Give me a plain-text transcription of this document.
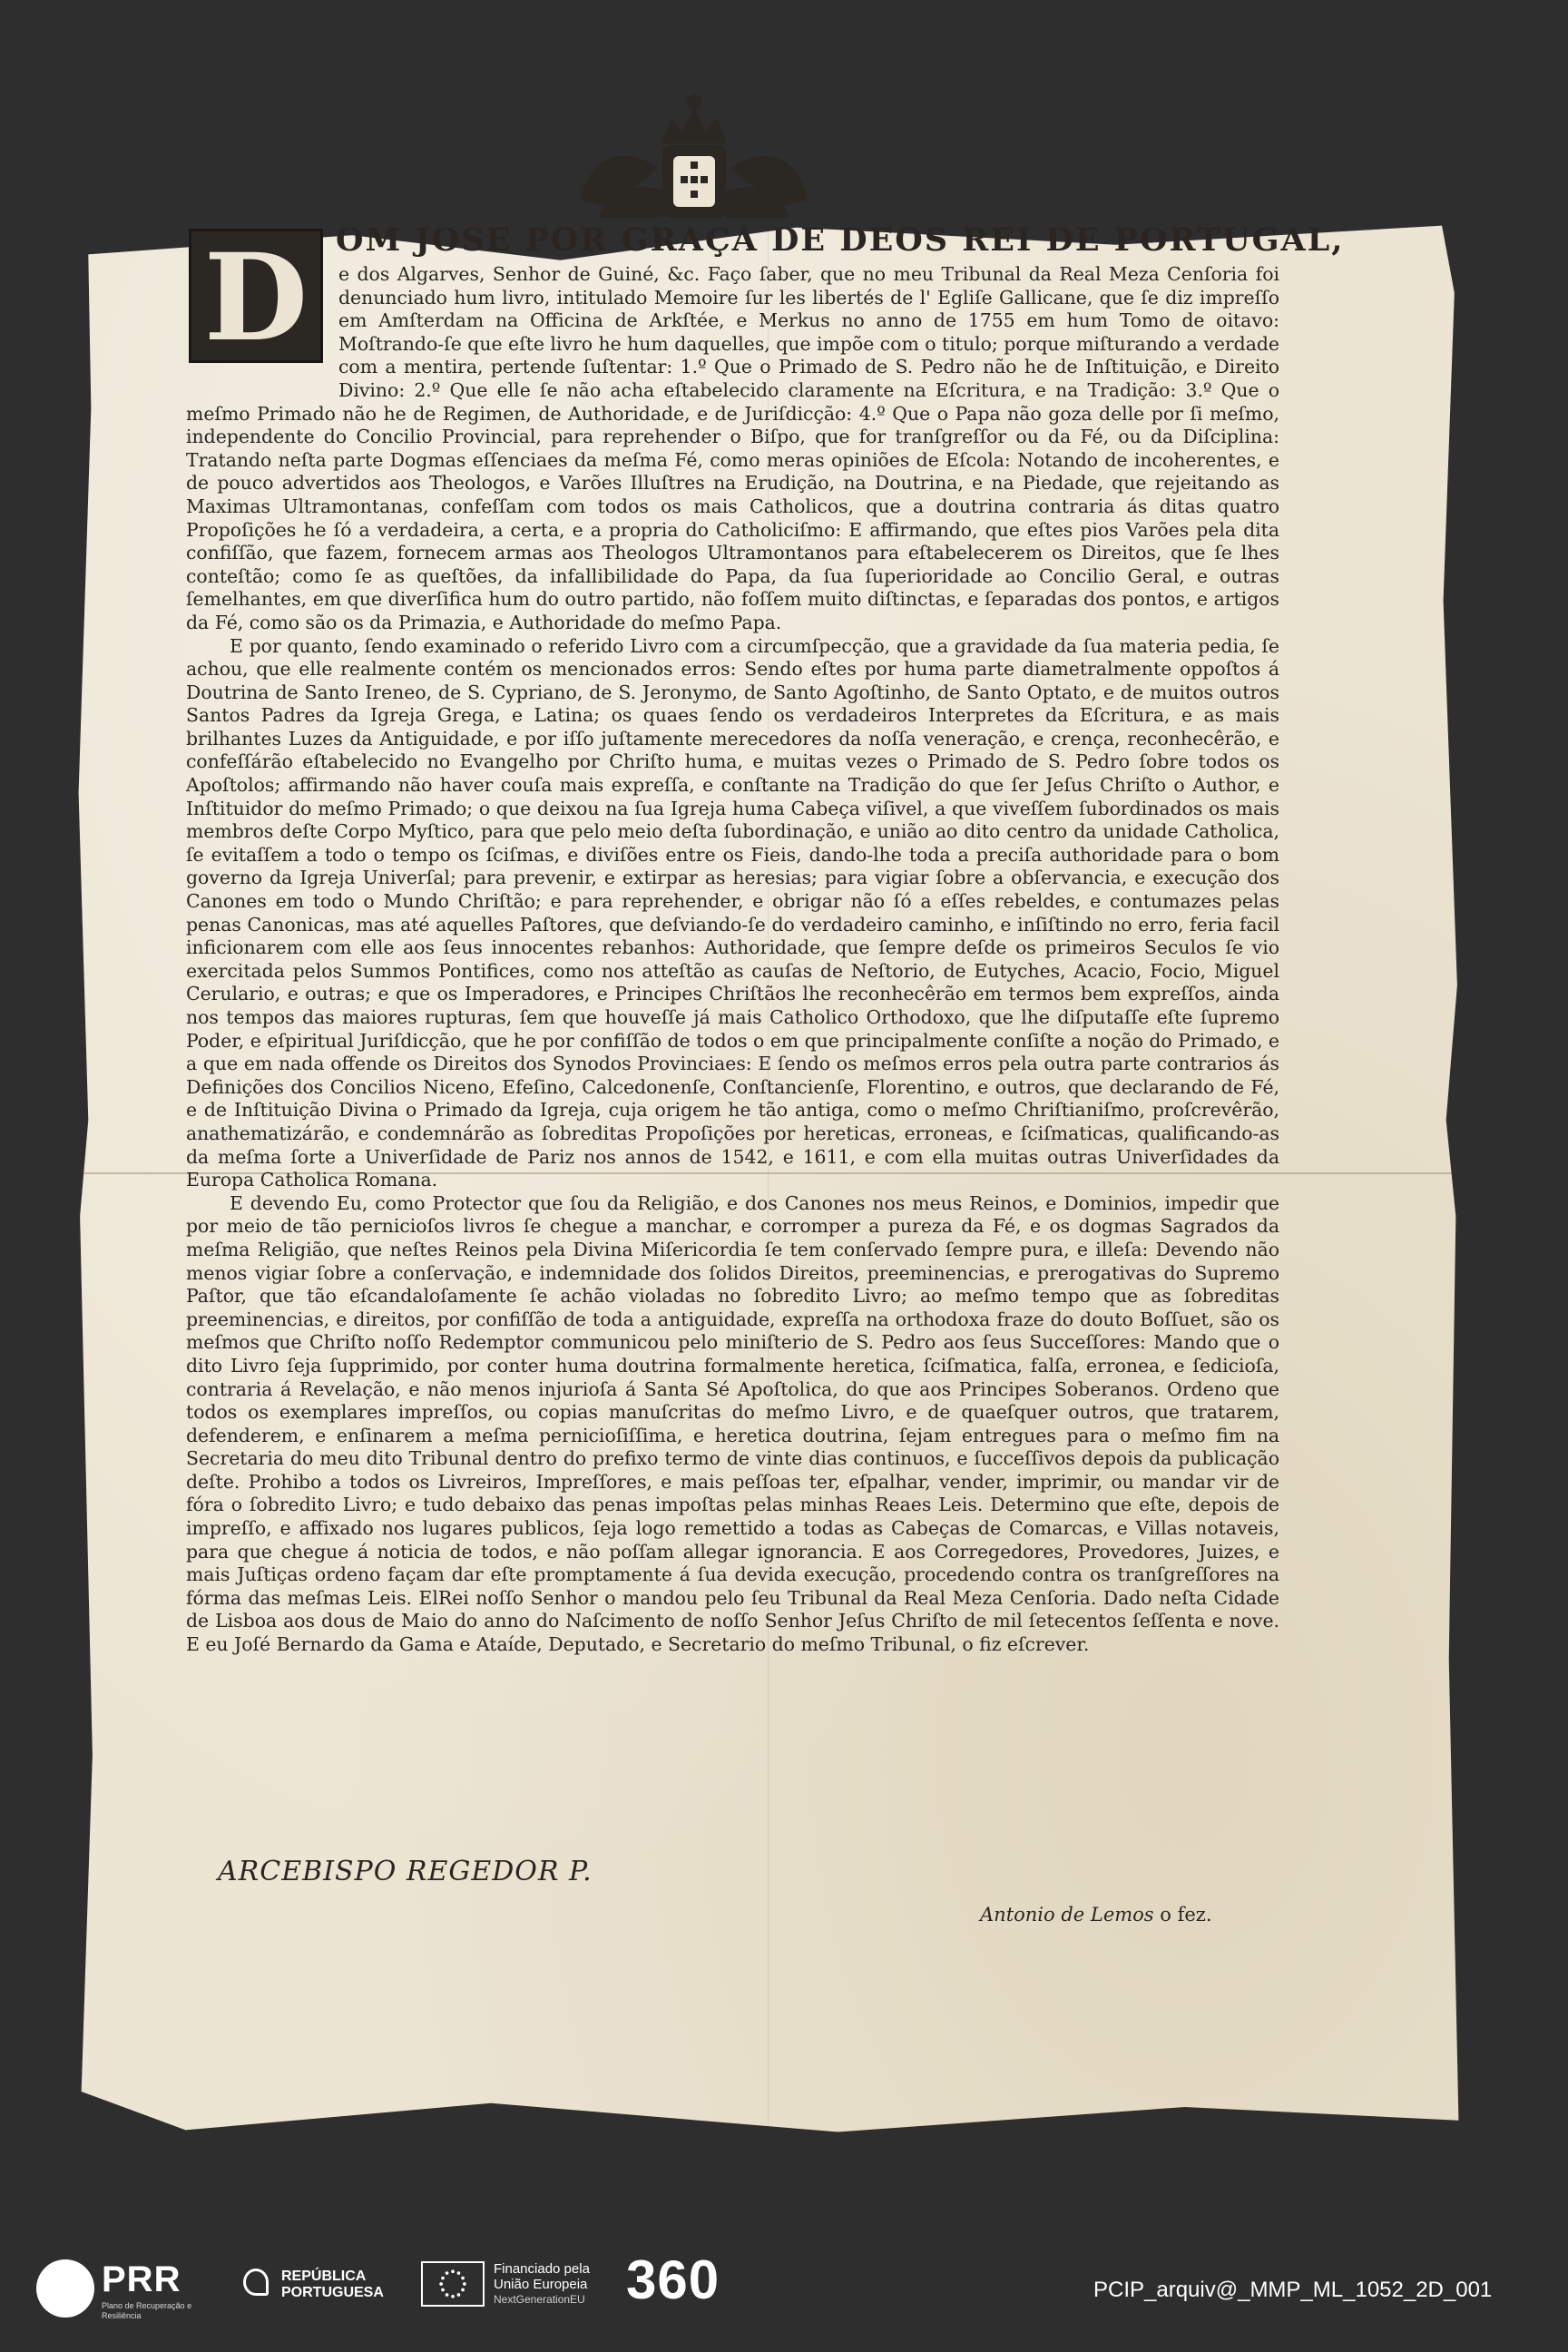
D OM JOSE POR GRAÇA DE DEOS REI DE PORTUGAL,

e dos Algarves, Senhor de Guiné, &c. Faço ſaber, que no meu Tribunal da Real Meza Cenſoria foi denunciado hum livro, intitulado Memoire ſur les libertés de l' Egliſe Gallicane, que ſe diz impreſſo em Amſterdam na Officina de Arkſtée, e Merkus no anno de 1755 em hum Tomo de oitavo: Moſtrando-ſe que eſte livro he hum daquelles, que impõe com o titulo; porque miſturando a verdade com a mentira, pertende ſuſtentar: 1.º Que o Primado de S. Pedro não he de Inſtituição, e Direito Divino: 2.º Que elle ſe não acha eſtabelecido claramente na Eſcritura, e na Tradição: 3.º Que o meſmo Primado não he de Regimen, de Authoridade, e de Juriſdicção: 4.º Que o Papa não goza delle por ſi meſmo, independente do Concilio Provincial, para reprehender o Biſpo, que for tranſgreſſor ou da Fé, ou da Diſciplina: Tratando neſta parte Dogmas eſſenciaes da meſma Fé, como meras opiniões de Eſcola: Notando de incoherentes, e de pouco advertidos aos Theologos, e Varões Illuſtres na Erudição, na Doutrina, e na Piedade, que rejeitando as Maximas Ultramontanas, confeſſam com todos os mais Catholicos, que a doutrina contraria ás ditas quatro Propoſições he ſó a verdadeira, a certa, e a propria do Catholiciſmo: E affirmando, que eſtes pios Varões pela dita confiſſão, que fazem, fornecem armas aos Theologos Ultramontanos para eſtabelecerem os Direitos, que ſe lhes conteſtão; como ſe as queſtões, da infallibilidade do Papa, da ſua ſuperioridade ao Concilio Geral, e outras ſemelhantes, em que diverſifica hum do outro partido, não foſſem muito diſtinctas, e ſeparadas dos pontos, e artigos da Fé, como são os da Primazia, e Authoridade do meſmo Papa.

E por quanto, ſendo examinado o referido Livro com a circumſpecção, que a gravidade da ſua materia pedia, ſe achou, que elle realmente contém os mencionados erros: Sendo eſtes por huma parte diametralmente oppoſtos á Doutrina de Santo Ireneo, de S. Cypriano, de S. Jeronymo, de Santo Agoſtinho, de Santo Optato, e de muitos outros Santos Padres da Igreja Grega, e Latina; os quaes ſendo os verdadeiros Interpretes da Eſcritura, e as mais brilhantes Luzes da Antiguidade, e por iſſo juſtamente merecedores da noſſa veneração, e crença, reconhecêrão, e confeſſárão eſtabelecido no Evangelho por Chriſto huma, e muitas vezes o Primado de S. Pedro ſobre todos os Apoſtolos; affirmando não haver couſa mais expreſſa, e conſtante na Tradição do que ſer Jeſus Chriſto o Author, e Inſtituidor do meſmo Primado; o que deixou na ſua Igreja huma Cabeça viſivel, a que viveſſem ſubordinados os mais membros deſte Corpo Myſtico, para que pelo meio deſta ſubordinação, e união ao dito centro da unidade Catholica, ſe evitaſſem a todo o tempo os ſciſmas, e diviſões entre os Fieis, dando-lhe toda a preciſa authoridade para o bom governo da Igreja Univerſal; para prevenir, e extirpar as heresias; para vigiar ſobre a obſervancia, e execução dos Canones em todo o Mundo Chriſtão; e para reprehender, e obrigar não ſó a eſſes rebeldes, e contumazes pelas penas Canonicas, mas até aquelles Paſtores, que deſviando-ſe do verdadeiro caminho, e inſiſtindo no erro, feria facil inficionarem com elle aos ſeus innocentes rebanhos: Authoridade, que ſempre deſde os primeiros Seculos ſe vio exercitada pelos Summos Pontifices, como nos atteſtão as cauſas de Neſtorio, de Eutyches, Acacio, Focio, Miguel Cerulario, e outras; e que os Imperadores, e Principes Chriſtãos lhe reconhecêrão em termos bem expreſſos, ainda nos tempos das maiores rupturas, ſem que houveſſe já mais Catholico Orthodoxo, que lhe diſputaſſe eſte ſupremo Poder, e eſpiritual Juriſdicção, que he por confiſſão de todos o em que principalmente conſiſte a noção do Primado, e a que em nada offende os Direitos dos Synodos Provinciaes: E ſendo os meſmos erros pela outra parte contrarios ás Definições dos Concilios Niceno, Efeſino, Calcedonenſe, Conſtancienſe, Florentino, e outros, que declarando de Fé, e de Inſtituição Divina o Primado da Igreja, cuja origem he tão antiga, como o meſmo Chriſtianiſmo, proſcrevêrão, anathematizárão, e condemnárão as ſobreditas Propoſições por hereticas, erroneas, e ſciſmaticas, qualificando-as da meſma ſorte a Univerſidade de Pariz nos annos de 1542, e 1611, e com ella muitas outras Univerſidades da Europa Catholica Romana.

E devendo Eu, como Protector que ſou da Religião, e dos Canones nos meus Reinos, e Dominios, impedir que por meio de tão pernicioſos livros ſe chegue a manchar, e corromper a pureza da Fé, e os dogmas Sagrados da meſma Religião, que neſtes Reinos pela Divina Miſericordia ſe tem conſervado ſempre pura, e illeſa: Devendo não menos vigiar ſobre a conſervação, e indemnidade dos ſolidos Direitos, preeminencias, e prerogativas do Supremo Paſtor, que tão eſcandaloſamente ſe achão violadas no ſobredito Livro; ao meſmo tempo que as ſobreditas preeminencias, e direitos, por confiſſão de toda a antiguidade, expreſſa na orthodoxa fraze do douto Boſſuet, são os meſmos que Chriſto noſſo Redemptor communicou pelo miniſterio de S. Pedro aos ſeus Succeſſores: Mando que o dito Livro ſeja ſupprimido, por conter huma doutrina formalmente heretica, ſciſmatica, falſa, erronea, e ſedicioſa, contraria á Revelação, e não menos injurioſa á Santa Sé Apoſtolica, do que aos Principes Soberanos. Ordeno que todos os exemplares impreſſos, ou copias manuſcritas do meſmo Livro, e de quaeſquer outros, que tratarem, defenderem, e enſinarem a meſma pernicioſiſſima, e heretica doutrina, ſejam entregues para o meſmo fim na Secretaria do meu dito Tribunal dentro do prefixo termo de vinte dias continuos, e ſucceſſivos depois da publicação deſte. Prohibo a todos os Livreiros, Impreſſores, e mais peſſoas ter, eſpalhar, vender, imprimir, ou mandar vir de fóra o ſobredito Livro; e tudo debaixo das penas impoſtas pelas minhas Reaes Leis. Determino que eſte, depois de impreſſo, e affixado nos lugares publicos, ſeja logo remettido a todas as Cabeças de Comarcas, e Villas notaveis, para que chegue á noticia de todos, e não poſſam allegar ignorancia. E aos Corregedores, Provedores, Juizes, e mais Juſtiças ordeno façam dar eſte promptamente á ſua devida execução, procedendo contra os tranſgreſſores na fórma das meſmas Leis. ElRei noſſo Senhor o mandou pelo ſeu Tribunal da Real Meza Cenſoria. Dado neſta Cidade de Lisboa aos dous de Maio do anno do Naſcimento de noſſo Senhor Jeſus Chriſto de mil ſetecentos ſeſſenta e nove. E eu Joſé Bernardo da Gama e Ataíde, Deputado, e Secretario do meſmo Tribunal, o fiz eſcrever.

ARCEBISPO REGEDOR P.
Antonio de Lemos o fez.
PRR
Plano de Recuperação e Resiliência
REPÚBLICA
PORTUGUESA
Financiado pela
União Europeia
NextGenerationEU 360	PCIP_arquiv@_MMP_ML_1052_2D_001
